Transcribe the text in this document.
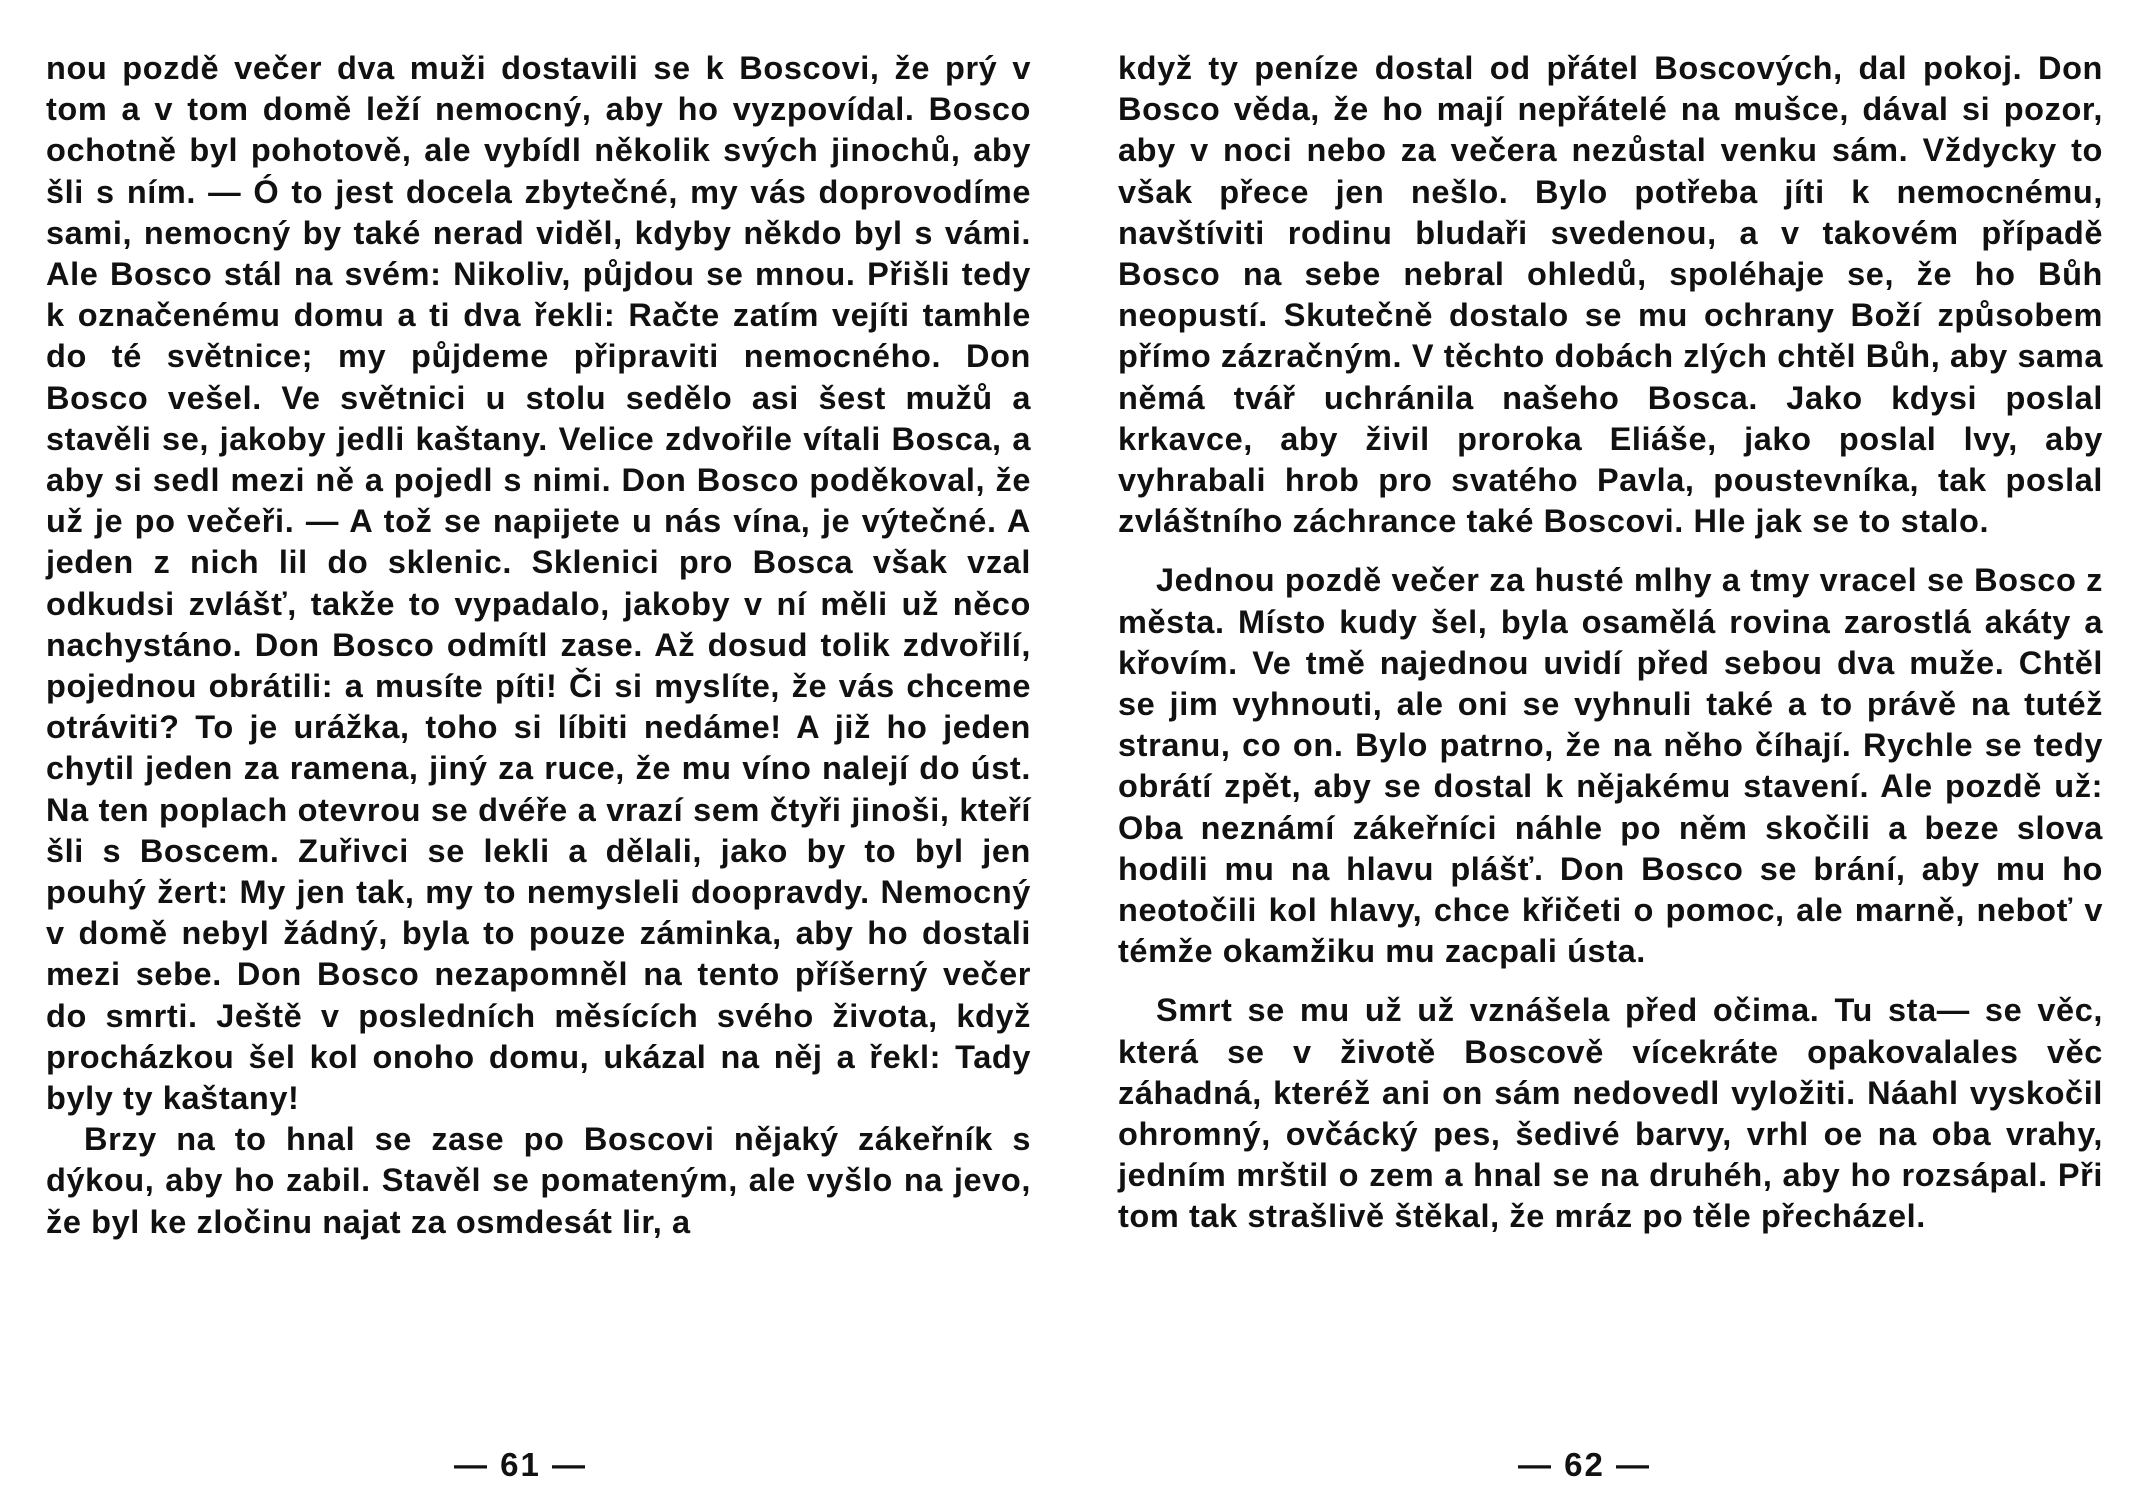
nou pozdě večer dva muži dostavili se k Boscovi, že prý v tom a v tom domě leží nemocný, aby ho vyzpovídal. Bosco ochotně byl pohotově, ale vybídl několik svých jinochů, aby šli s ním. — Ó to jest docela zbytečné, my vás doprovodíme sami, nemocný by také nerad viděl, kdyby někdo byl s vámi. Ale Bosco stál na svém: Nikoliv, půjdou se mnou. Přišli tedy k označenému domu a ti dva řekli: Račte zatím vejíti tamhle do té světnice; my půjdeme připraviti nemocného. Don Bosco vešel. Ve světnici u stolu sedělo asi šest mužů a stavěli se, jakoby jedli kaštany. Velice zdvořile vítali Bosca, a aby si sedl mezi ně a pojedl s nimi. Don Bosco poděkoval, že už je po večeři. — A tož se napijete u nás vína, je výtečné. A jeden z nich lil do sklenic. Sklenici pro Bosca však vzal odkudsi zvlášť, takže to vypadalo, jakoby v ní měli už něco nachystáno. Don Bosco odmítl zase. Až dosud tolik zdvořilí, pojednou obrátili: a musíte píti! Či si myslíte, že vás chceme otráviti? To je urážka, toho si líbiti nedáme! A již ho jeden chytil jeden za ramena, jiný za ruce, že mu víno nalejí do úst. Na ten poplach otevrou se dvéře a vrazí sem čtyři jinoši, kteří šli s Boscem. Zuřivci se lekli a dělali, jako by to byl jen pouhý žert: My jen tak, my to nemysleli doopravdy. Nemocný v domě nebyl žádný, byla to pouze záminka, aby ho dostali mezi sebe. Don Bosco nezapomněl na tento příšerný večer do smrti. Ještě v posledních měsících svého života, když procházkou šel kol onoho domu, ukázal na něj a řekl: Tady byly ty kaštany!

Brzy na to hnal se zase po Boscovi nějaký zákeřník s dýkou, aby ho zabil. Stavěl se pomateným, ale vyšlo na jevo, že byl ke zločinu najat za osmdesát lir, a

— 61 —

když ty peníze dostal od přátel Boscových, dal pokoj. Don Bosco věda, že ho mají nepřátelé na mušce, dával si pozor, aby v noci nebo za večera nezůstal venku sám. Vždycky to však přece jen nešlo. Bylo potřeba jíti k nemocnému, navštíviti rodinu bludaři svedenou, a v takovém případě Bosco na sebe nebral ohledů, spoléhaje se, že ho Bůh neopustí. Skutečně dostalo se mu ochrany Boží způsobem přímo zázračným. V těchto dobách zlých chtěl Bůh, aby sama němá tvář uchránila našeho Bosca. Jako kdysi poslal krkavce, aby živil proroka Eliáše, jako poslal lvy, aby vyhrabali hrob pro svatého Pavla, poustevníka, tak poslal zvláštního záchrance také Boscovi. Hle jak se to stalo.

Jednou pozdě večer za husté mlhy a tmy vracel se Bosco z města. Místo kudy šel, byla osamělá rovina zarostlá akáty a křovím. Ve tmě najednou uvidí před sebou dva muže. Chtěl se jim vyhnouti, ale oni se vyhnuli také a to právě na tutéž stranu, co on. Bylo patrno, že na něho číhají. Rychle se tedy obrátí zpět, aby se dostal k nějakému stavení. Ale pozdě už: Oba neznámí zákeřníci náhle po něm skočili a beze slova hodili mu na hlavu plášť. Don Bosco se brání, aby mu ho neotočili kol hlavy, chce křičeti o pomoc, ale marně, neboť v témže okamžiku mu zacpali ústa.

Smrt se mu už už vznášela před očima. Tu sta— se věc, která se v životě Boscově vícekráte opakovalales věc záhadná, kteréž ani on sám nedovedl vyložiti. Náahl vyskočil ohromný, ovčácký pes, šedivé barvy, vrhl oe na oba vrahy, jedním mrštil o zem a hnal se na druhéh, aby ho rozsápal. Při tom tak strašlivě štěkal, že mráz po těle přecházel.

— 62 —
